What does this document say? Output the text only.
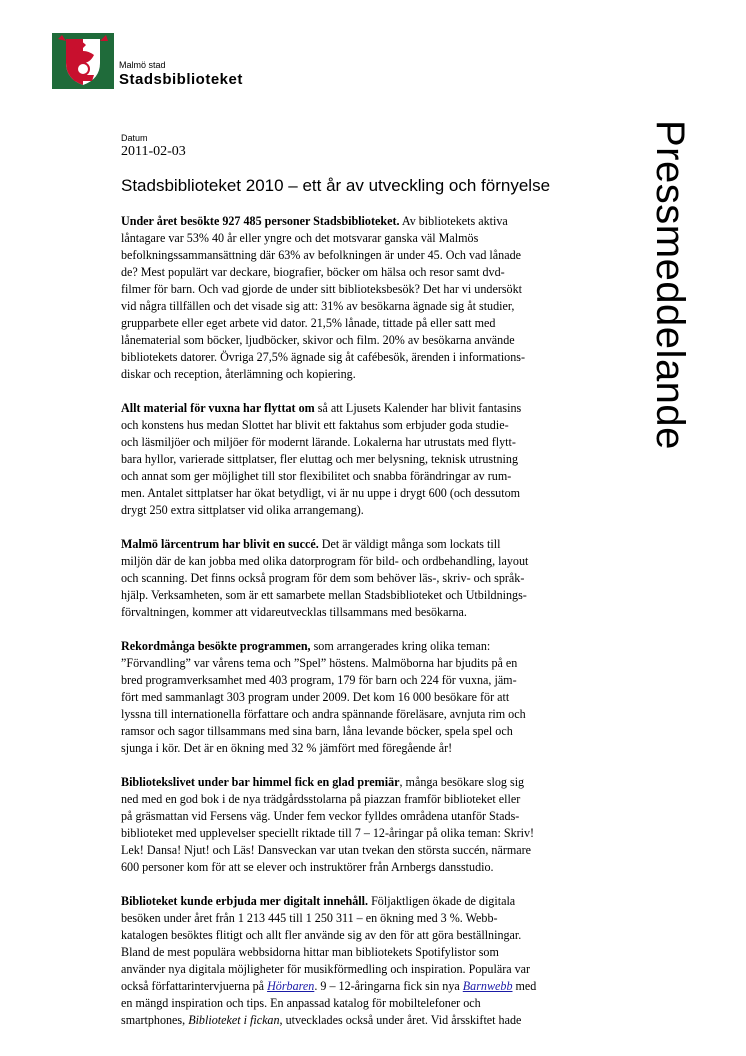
Malmö stad
Stadsbiblioteket
Datum
2011-02-03
Stadsbiblioteket 2010 – ett år av utveckling och förnyelse	Pressmeddelande

Under året besökte 927 485 personer Stadsbiblioteket. Av bibliotekets aktiva
låntagare var 53% 40 år eller yngre och det motsvarar ganska väl Malmös
befolkningssammansättning där 63% av befolkningen är under 45. Och vad lånade
de? Mest populärt var deckare, biografier, böcker om hälsa och resor samt dvd-
filmer för barn. Och vad gjorde de under sitt biblioteksbesök? Det har vi undersökt
vid några tillfällen och det visade sig att: 31% av besökarna ägnade sig åt studier,
grupparbete eller eget arbete vid dator. 21,5% lånade, tittade på eller satt med
lånematerial som böcker, ljudböcker, skivor och film. 20% av besökarna använde
bibliotekets datorer. Övriga 27,5% ägnade sig åt cafébesök, ärenden i informations-
diskar och reception, återlämning och kopiering.

Allt material för vuxna har flyttat om så att Ljusets Kalender har blivit fantasins
och konstens hus medan Slottet har blivit ett faktahus som erbjuder goda studie-
och läsmiljöer och miljöer för modernt lärande. Lokalerna har utrustats med flytt-
bara hyllor, varierade sittplatser, fler eluttag och mer belysning, teknisk utrustning
och annat som ger möjlighet till stor flexibilitet och snabba förändringar av rum-
men. Antalet sittplatser har ökat betydligt, vi är nu uppe i drygt 600 (och dessutom
drygt 250 extra sittplatser vid olika arrangemang).

Malmö lärcentrum har blivit en succé. Det är väldigt många som lockats till
miljön där de kan jobba med olika datorprogram för bild- och ordbehandling, layout
och scanning. Det finns också program för dem som behöver läs-, skriv- och språk-
hjälp. Verksamheten, som är ett samarbete mellan Stadsbiblioteket och Utbildnings-
förvaltningen, kommer att vidareutvecklas tillsammans med besökarna.

Rekordmånga besökte programmen, som arrangerades kring olika teman:
”Förvandling” var vårens tema och ”Spel” höstens. Malmöborna har bjudits på en
bred programverksamhet med 403 program, 179 för barn och 224 för vuxna, jäm-
fört med sammanlagt 303 program under 2009. Det kom 16 000 besökare för att
lyssna till internationella författare och andra spännande föreläsare, avnjuta rim och
ramsor och sagor tillsammans med sina barn, låna levande böcker, spela spel och
sjunga i kör. Det är en ökning med 32 % jämfört med föregående år!

Bibliotekslivet under bar himmel fick en glad premiär, många besökare slog sig
ned med en god bok i de nya trädgårdsstolarna på piazzan framför biblioteket eller
på gräsmattan vid Fersens väg. Under fem veckor fylldes områdena utanför Stads-
biblioteket med upplevelser speciellt riktade till 7 – 12-åringar på olika teman: Skriv!
Lek! Dansa! Njut! och Läs! Dansveckan var utan tvekan den största succén, närmare
600 personer kom för att se elever och instruktörer från Arnbergs dansstudio.

Biblioteket kunde erbjuda mer digitalt innehåll. Följaktligen ökade de digitala
besöken under året från 1 213 445 till 1 250 311 – en ökning med 3 %. Webb-
katalogen besöktes flitigt och allt fler använde sig av den för att göra beställningar.
Bland de mest populära webbsidorna hittar man bibliotekets Spotifylistor som
använder nya digitala möjligheter för musikförmedling och inspiration. Populära var
också författarintervjuerna på Hörbaren. 9 – 12-åringarna fick sin nya Barnwebb med
en mängd inspiration och tips. En anpassad katalog för mobiltelefoner och
smartphones, Biblioteket i fickan, utvecklades också under året. Vid årsskiftet hade
